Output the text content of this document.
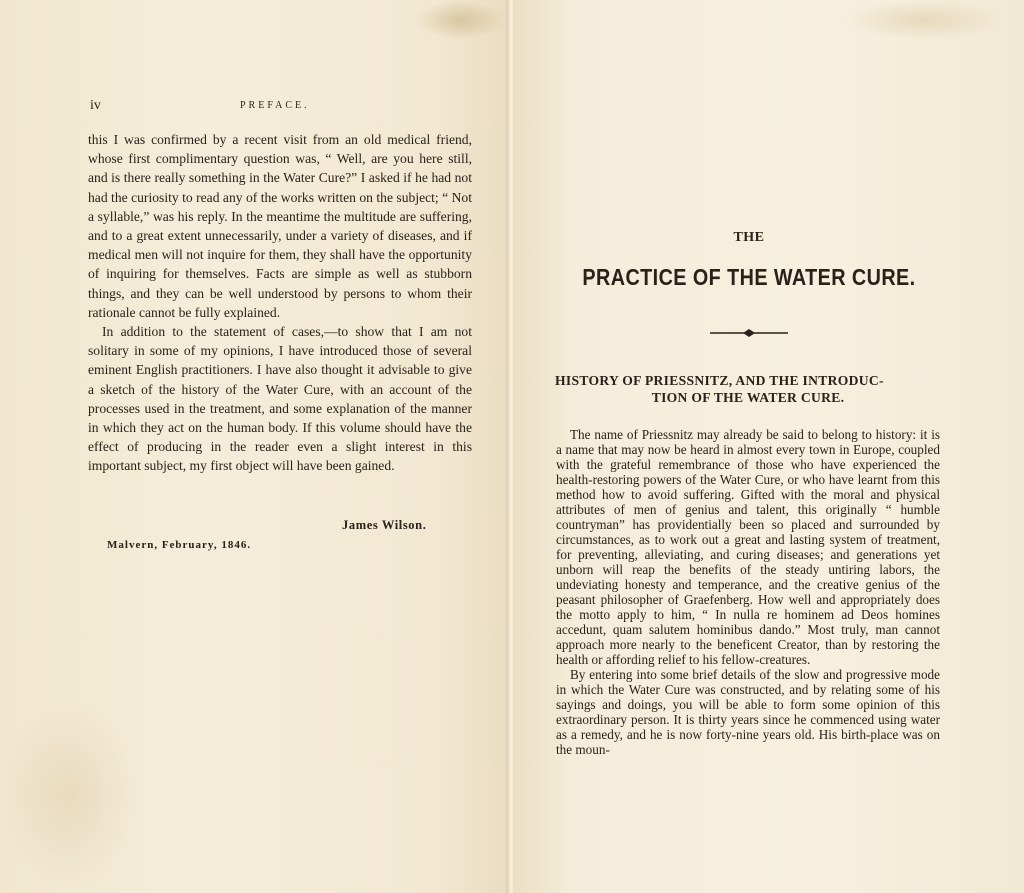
iv	PREFACE.

this I was confirmed by a recent visit from an old medical friend, whose first complimentary question was, “ Well, are you here still, and is there really something in the Water Cure?” I asked if he had not had the curiosity to read any of the works written on the subject; “ Not a syllable,” was his reply. In the meantime the multitude are suffering, and to a great extent unnecessarily, under a variety of diseases, and if medical men will not inquire for them, they shall have the opportunity of inquiring for themselves. Facts are simple as well as stubborn things, and they can be well understood by persons to whom their rationale cannot be fully explained.

In addition to the statement of cases,—to show that I am not solitary in some of my opinions, I have introduced those of several eminent English practitioners. I have also thought it advisable to give a sketch of the history of the Water Cure, with an account of the processes used in the treatment, and some explanation of the manner in which they act on the human body. If this volume should have the effect of producing in the reader even a slight interest in this important subject, my first object will have been gained.

James Wilson.
Malvern, February, 1846.
THE
PRACTICE OF THE WATER CURE.
HISTORY OF PRIESSNITZ, AND THE INTRODUC-
TION OF THE WATER CURE.

The name of Priessnitz may already be said to belong to history: it is a name that may now be heard in almost every town in Europe, coupled with the grateful remembrance of those who have experienced the health-restoring powers of the Water Cure, or who have learnt from this method how to avoid suffering. Gifted with the moral and physical attributes of men of genius and talent, this originally “ humble countryman” has providentially been so placed and surrounded by circumstances, as to work out a great and lasting system of treatment, for preventing, alleviating, and curing diseases; and generations yet unborn will reap the benefits of the steady untiring labors, the undeviating honesty and temperance, and the creative genius of the peasant philosopher of Graefenberg. How well and appropriately does the motto apply to him, “ In nulla re hominem ad Deos homines accedunt, quam salutem hominibus dando.” Most truly, man cannot approach more nearly to the beneficent Creator, than by restoring the health or affording relief to his fellow-creatures.

By entering into some brief details of the slow and progressive mode in which the Water Cure was constructed, and by relating some of his sayings and doings, you will be able to form some opinion of this extraordinary person. It is thirty years since he commenced using water as a remedy, and he is now forty-nine years old. His birth-place was on the moun-
